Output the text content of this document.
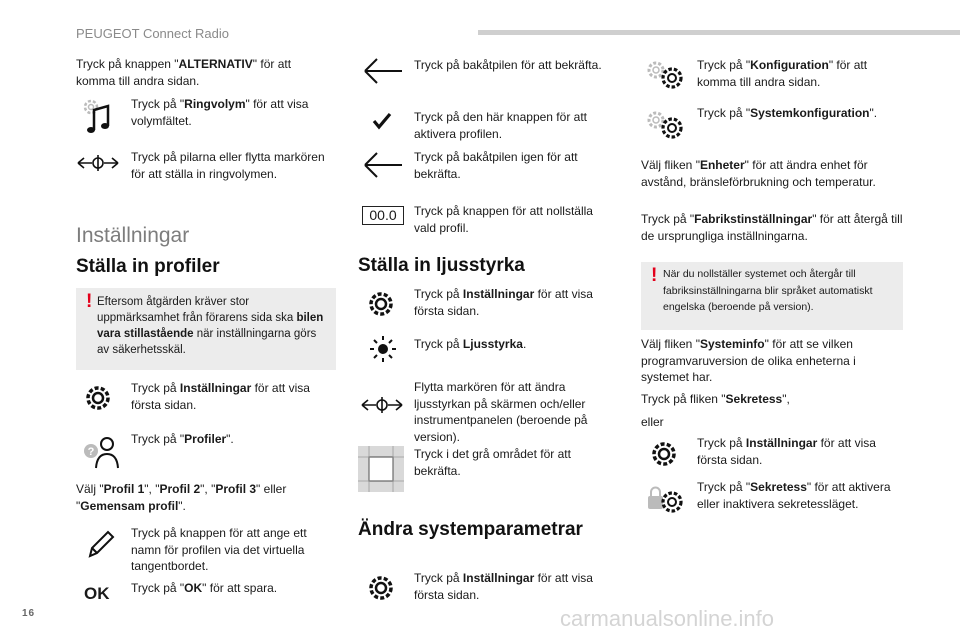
PEUGEOT Connect Radio
16	carmanualsonline.info
Tryck på knappen "ALTERNATIV" för att komma till andra sidan.
Tryck på "Ringvolym" för att visa volymfältet.
Tryck på pilarna eller flytta markören för att ställa in ringvolymen.
Inställningar
Ställa in profiler
! Eftersom åtgärden kräver stor uppmärksamhet från förarens sida ska bilen vara stillastående när inställningarna görs av säkerhetsskäl.
Tryck på Inställningar för att visa första sidan.
?
Tryck på "Profiler".
Välj "Profil 1", "Profil 2", "Profil 3" eller "Gemensam profil".
Tryck på knappen för att ange ett namn för profilen via det virtuella tangentbordet.
OK Tryck på "OK" för att spara.
Tryck på bakåtpilen för att bekräfta.
Tryck på den här knappen för att aktivera profilen.
Tryck på bakåtpilen igen för att bekräfta.
00.0	Tryck på knappen för att nollställa vald profil.
Ställa in ljusstyrka
Tryck på Inställningar för att visa första sidan.
Tryck på Ljusstyrka.
Flytta markören för att ändra ljusstyrkan på skärmen och/eller instrumentpanelen (beroende på version).
Tryck i det grå området för att bekräfta.
Ändra systemparametrar
Tryck på Inställningar för att visa första sidan.
Tryck på "Konfiguration" för att komma till andra sidan.
Tryck på "Systemkonfiguration".
Välj fliken "Enheter" för att ändra enhet för avstånd, bränsleförbrukning och temperatur.
Tryck på "Fabrikstinställningar" för att återgå till de ursprungliga inställningarna.
! När du nollställer systemet och återgår till fabriksinställningarna blir språket automatiskt engelska (beroende på version).
Välj fliken "Systeminfo" för att se vilken programvaruversion de olika enheterna i systemet har.
Tryck på fliken "Sekretess",
eller
Tryck på Inställningar för att visa första sidan.
Tryck på "Sekretess" för att aktivera eller inaktivera sekretessläget.
